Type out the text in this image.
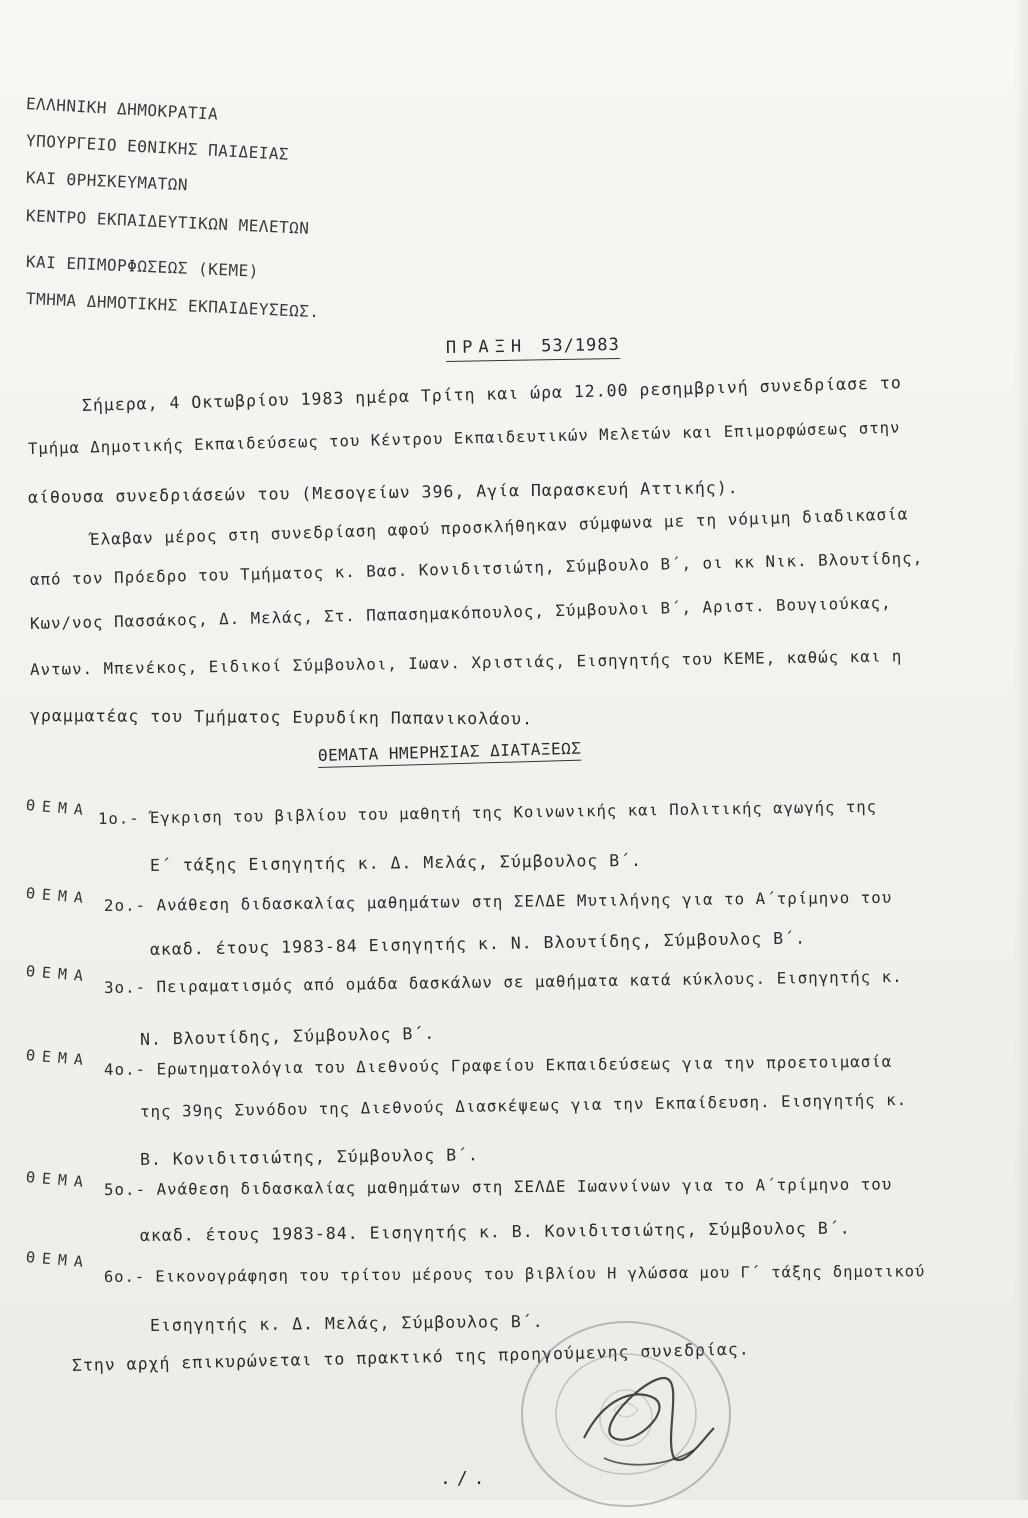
ΕΛΛΗΝΙΚΗ ΔΗΜΟΚΡΑΤΙΑ
ΥΠΟΥΡΓΕΙΟ ΕΘΝΙΚΗΣ ΠΑΙΔΕΙΑΣ
ΚΑΙ ΘΡΗΣΚΕΥΜΑΤΩΝ
ΚΕΝΤΡΟ ΕΚΠΑΙΔΕΥΤΙΚΩΝ ΜΕΛΕΤΩΝ
ΚΑΙ ΕΠΙΜΟΡΦΩΣΕΩΣ (ΚΕΜΕ)
ΤΜΗΜΑ ΔΗΜΟΤΙΚΗΣ ΕΚΠΑΙΔΕΥΣΕΩΣ.
ΠΡΑΞΗ 53/1983
Σήμερα, 4 Οκτωβρίου 1983 ημέρα Τρίτη και ώρα 12.00 ρεσημβρινή συνεδρίασε το
Τμήμα Δημοτικής Εκπαιδεύσεως του Κέντρου Εκπαιδευτικών Μελετών και Επιμορφώσεως στην
αίθουσα συνεδριάσεών του (Μεσογείων 396, Αγία Παρασκευή Αττικής).
Έλαβαν μέρος στη συνεδρίαση αφού προσκλήθηκαν σύμφωνα με τη νόμιμη διαδικασία
από τον Πρόεδρο του Τμήματος κ. Βασ. Κονιδιτσιώτη, Σύμβουλο Β΄, οι κκ Νικ. Βλουτίδης,
Κων/νος Πασσάκος, Δ. Μελάς, Στ. Παπασημακόπουλος, Σύμβουλοι Β΄, Αριστ. Βουγιούκας,
Αντων. Μπενέκος, Ειδικοί Σύμβουλοι, Ιωαν. Χριστιάς, Εισηγητής του ΚΕΜΕ, καθώς και η
γραμματέας του Τμήματος Ευρυδίκη Παπανικολάου.
ΘΕΜΑΤΑ ΗΜΕΡΗΣΙΑΣ ΔΙΑΤΑΞΕΩΣ
ΘΕΜΑ 1ο.- Έγκριση του βιβλίου του μαθητή της Κοινωνικής και Πολιτικής αγωγής της
Ε΄ τάξης Εισηγητής κ. Δ. Μελάς, Σύμβουλος Β΄.
ΘΕΜΑ 2ο.- Ανάθεση διδασκαλίας μαθημάτων στη ΣΕΛΔΕ Μυτιλήνης για το Α΄τρίμηνο του
ακαδ. έτους 1983-84 Εισηγητής κ. Ν. Βλουτίδης, Σύμβουλος Β΄.
ΘΕΜΑ
3ο.- Πειραματισμός από ομάδα δασκάλων σε μαθήματα κατά κύκλους. Εισηγητής κ.
Ν. Βλουτίδης, Σύμβουλος Β΄.
ΘΕΜΑ 4ο.- Ερωτηματολόγια του Διεθνούς Γραφείου Εκπαιδεύσεως για την προετοιμασία
της 39ης Συνόδου της Διεθνούς Διασκέψεως για την Εκπαίδευση. Εισηγητής κ.
Β. Κονιδιτσιώτης, Σύμβουλος Β΄.
ΘΕΜΑ 5ο.- Ανάθεση διδασκαλίας μαθημάτων στη ΣΕΛΔΕ Ιωαννίνων για το Α΄τρίμηνο του
ακαδ. έτους 1983-84. Εισηγητής κ. Β. Κονιδιτσιώτης, Σύμβουλος Β΄.
ΘΕΜΑ
6ο.- Εικονογράφηση του τρίτου μέρους του βιβλίου Η γλώσσα μου Γ΄ τάξης δημοτικού
Εισηγητής κ. Δ. Μελάς, Σύμβουλος Β΄.
Στην αρχή επικυρώνεται το πρακτικό της προηγούμενης συνεδρίας.
./.
